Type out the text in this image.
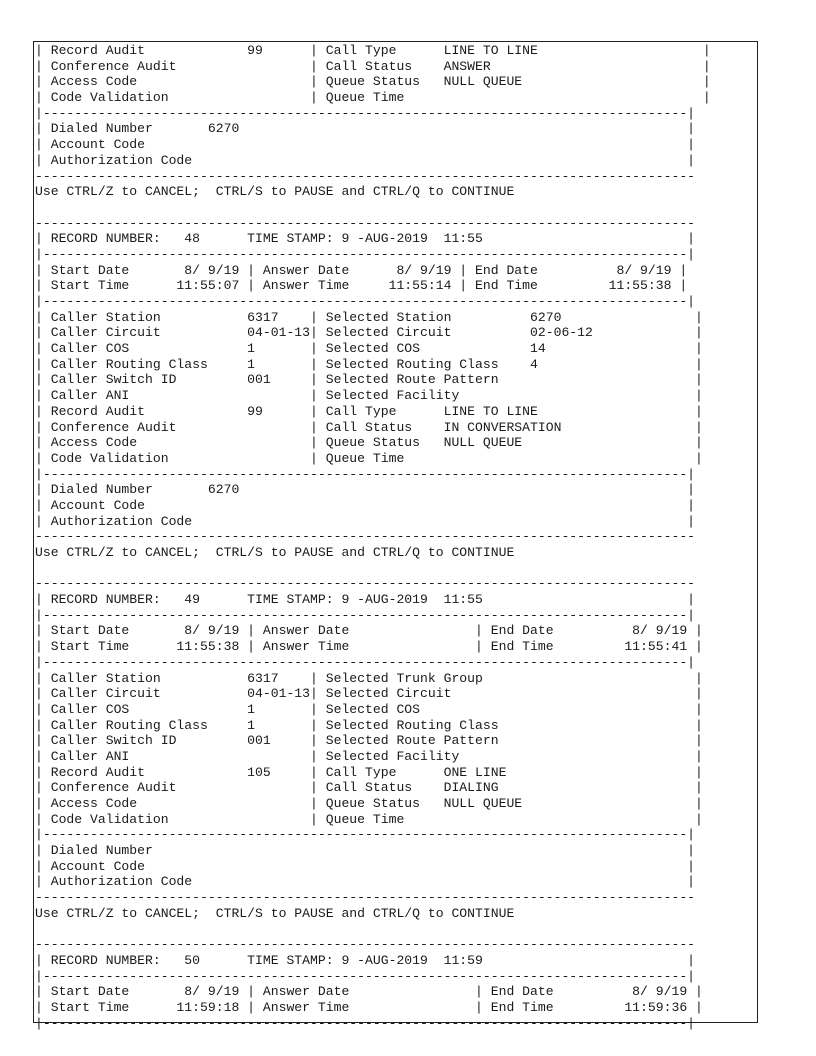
| Record Audit             99      | Call Type      LINE TO LINE                     |
| Conference Audit                 | Call Status    ANSWER                           |
| Access Code                      | Queue Status   NULL QUEUE                       |
| Code Validation                  | Queue Time                                      |
|----------------------------------------------------------------------------------|
| Dialed Number       6270                                                         |
| Account Code                                                                     |
| Authorization Code                                                               |
------------------------------------------------------------------------------------
Use CTRL/Z to CANCEL;  CTRL/S to PAUSE and CTRL/Q to CONTINUE
------------------------------------------------------------------------------------
| RECORD NUMBER:   48      TIME STAMP: 9 -AUG-2019  11:55                          |
|----------------------------------------------------------------------------------|
| Start Date       8/ 9/19 | Answer Date      8/ 9/19 | End Date          8/ 9/19 |
| Start Time      11:55:07 | Answer Time     11:55:14 | End Time         11:55:38 |
|----------------------------------------------------------------------------------|
| Caller Station           6317    | Selected Station          6270                 |
| Caller Circuit           04-01-13| Selected Circuit          02-06-12             |
| Caller COS               1       | Selected COS              14                   |
| Caller Routing Class     1       | Selected Routing Class    4                    |
| Caller Switch ID         001     | Selected Route Pattern                         |
| Caller ANI                       | Selected Facility                              |
| Record Audit             99      | Call Type      LINE TO LINE                    |
| Conference Audit                 | Call Status    IN CONVERSATION                 |
| Access Code                      | Queue Status   NULL QUEUE                      |
| Code Validation                  | Queue Time                                     |
|----------------------------------------------------------------------------------|
| Dialed Number       6270                                                         |
| Account Code                                                                     |
| Authorization Code                                                               |
------------------------------------------------------------------------------------
Use CTRL/Z to CANCEL;  CTRL/S to PAUSE and CTRL/Q to CONTINUE
------------------------------------------------------------------------------------
| RECORD NUMBER:   49      TIME STAMP: 9 -AUG-2019  11:55                          |
|----------------------------------------------------------------------------------|
| Start Date       8/ 9/19 | Answer Date                | End Date          8/ 9/19 |
| Start Time      11:55:38 | Answer Time                | End Time         11:55:41 |
|----------------------------------------------------------------------------------|
| Caller Station           6317    | Selected Trunk Group                           |
| Caller Circuit           04-01-13| Selected Circuit                               |
| Caller COS               1       | Selected COS                                   |
| Caller Routing Class     1       | Selected Routing Class                         |
| Caller Switch ID         001     | Selected Route Pattern                         |
| Caller ANI                       | Selected Facility                              |
| Record Audit             105     | Call Type      ONE LINE                        |
| Conference Audit                 | Call Status    DIALING                         |
| Access Code                      | Queue Status   NULL QUEUE                      |
| Code Validation                  | Queue Time                                     |
|----------------------------------------------------------------------------------|
| Dialed Number                                                                    |
| Account Code                                                                     |
| Authorization Code                                                               |
------------------------------------------------------------------------------------
Use CTRL/Z to CANCEL;  CTRL/S to PAUSE and CTRL/Q to CONTINUE
------------------------------------------------------------------------------------
| RECORD NUMBER:   50      TIME STAMP: 9 -AUG-2019  11:59                          |
|----------------------------------------------------------------------------------|
| Start Date       8/ 9/19 | Answer Date                | End Date          8/ 9/19 |
| Start Time      11:59:18 | Answer Time                | End Time         11:59:36 |
|----------------------------------------------------------------------------------|
